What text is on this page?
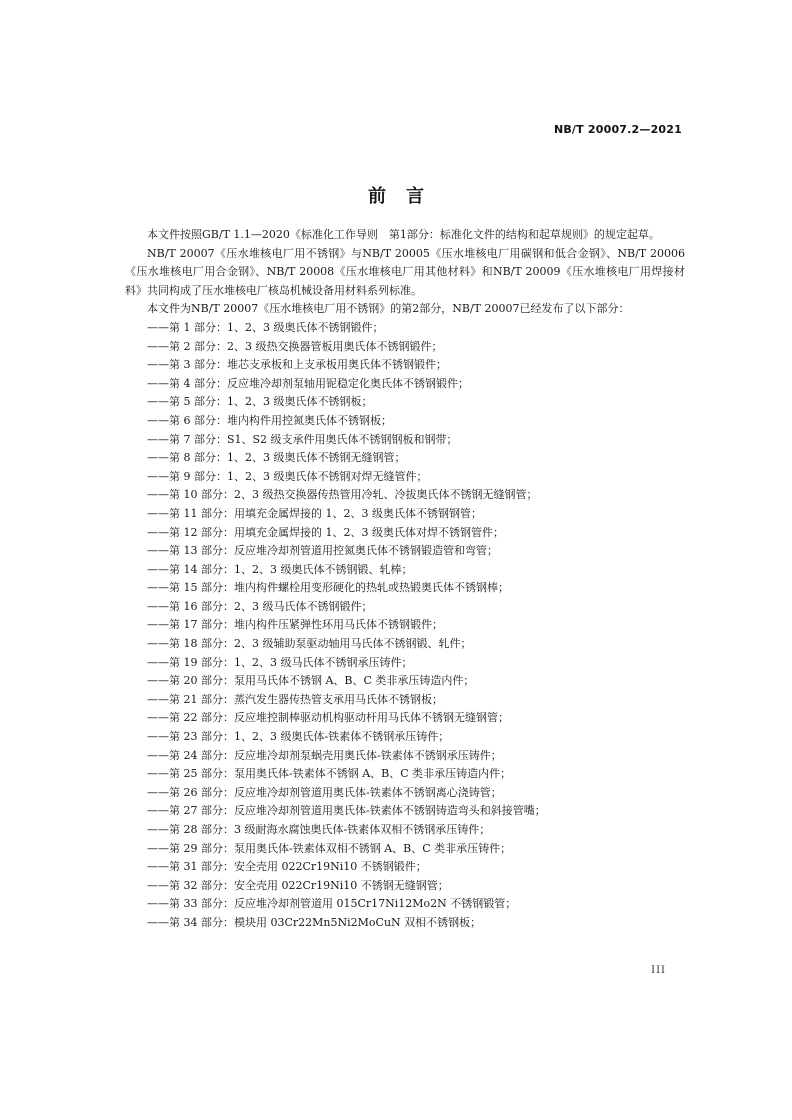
NB/T 20007.2—2021
前言

本文件按照GB/T 1.1—2020《标准化工作导则　第1部分：标准化文件的结构和起草规则》的规定起草。

NB/T 20007《压水堆核电厂用不锈钢》与NB/T 20005《压水堆核电厂用碳钢和低合金钢》、NB/T 20006《压水堆核电厂用合金钢》、NB/T 20008《压水堆核电厂用其他材料》和NB/T 20009《压水堆核电厂用焊接材料》共同构成了压水堆核电厂核岛机械设备用材料系列标准。

本文件为NB/T 20007《压水堆核电厂用不锈钢》的第2部分，NB/T 20007已经发布了以下部分：

——第 1 部分：1、2、3 级奥氏体不锈钢锻件；
——第 2 部分：2、3 级热交换器管板用奥氏体不锈钢锻件；
——第 3 部分：堆芯支承板和上支承板用奥氏体不锈钢锻件；
——第 4 部分：反应堆冷却剂泵轴用铌稳定化奥氏体不锈钢锻件；
——第 5 部分：1、2、3 级奥氏体不锈钢板；
——第 6 部分：堆内构件用控氮奥氏体不锈钢板；
——第 7 部分：S1、S2 级支承件用奥氏体不锈钢钢板和钢带；
——第 8 部分：1、2、3 级奥氏体不锈钢无缝钢管；
——第 9 部分：1、2、3 级奥氏体不锈钢对焊无缝管件；
——第 10 部分：2、3 级热交换器传热管用冷轧、冷拔奥氏体不锈钢无缝钢管；
——第 11 部分：用填充金属焊接的 1、2、3 级奥氏体不锈钢钢管；
——第 12 部分：用填充金属焊接的 1、2、3 级奥氏体对焊不锈钢管件；
——第 13 部分：反应堆冷却剂管道用控氮奥氏体不锈钢锻造管和弯管；
——第 14 部分：1、2、3 级奥氏体不锈钢锻、轧棒；
——第 15 部分：堆内构件螺栓用变形硬化的热轧或热锻奥氏体不锈钢棒；
——第 16 部分：2、3 级马氏体不锈钢锻件；
——第 17 部分：堆内构件压紧弹性环用马氏体不锈钢锻件；
——第 18 部分：2、3 级辅助泵驱动轴用马氏体不锈钢锻、轧件；
——第 19 部分：1、2、3 级马氏体不锈钢承压铸件；
——第 20 部分：泵用马氏体不锈钢 A、B、C 类非承压铸造内件；
——第 21 部分：蒸汽发生器传热管支承用马氏体不锈钢板；
——第 22 部分：反应堆控制棒驱动机构驱动杆用马氏体不锈钢无缝钢管；
——第 23 部分：1、2、3 级奥氏体-铁素体不锈钢承压铸件；
——第 24 部分：反应堆冷却剂泵蜗壳用奥氏体-铁素体不锈钢承压铸件；
——第 25 部分：泵用奥氏体-铁素体不锈钢 A、B、C 类非承压铸造内件；
——第 26 部分：反应堆冷却剂管道用奥氏体-铁素体不锈钢离心浇铸管；
——第 27 部分：反应堆冷却剂管道用奥氏体-铁素体不锈钢铸造弯头和斜接管嘴；
——第 28 部分：3 级耐海水腐蚀奥氏体-铁素体双相不锈钢承压铸件；
——第 29 部分：泵用奥氏体-铁素体双相不锈钢 A、B、C 类非承压铸件；
——第 31 部分：安全壳用 022Cr19Ni10 不锈钢锻件；
——第 32 部分：安全壳用 022Cr19Ni10 不锈钢无缝钢管；
——第 33 部分：反应堆冷却剂管道用 015Cr17Ni12Mo2N 不锈钢锻管；
——第 34 部分：模块用 03Cr22Mn5Ni2MoCuN 双相不锈钢板；
III
